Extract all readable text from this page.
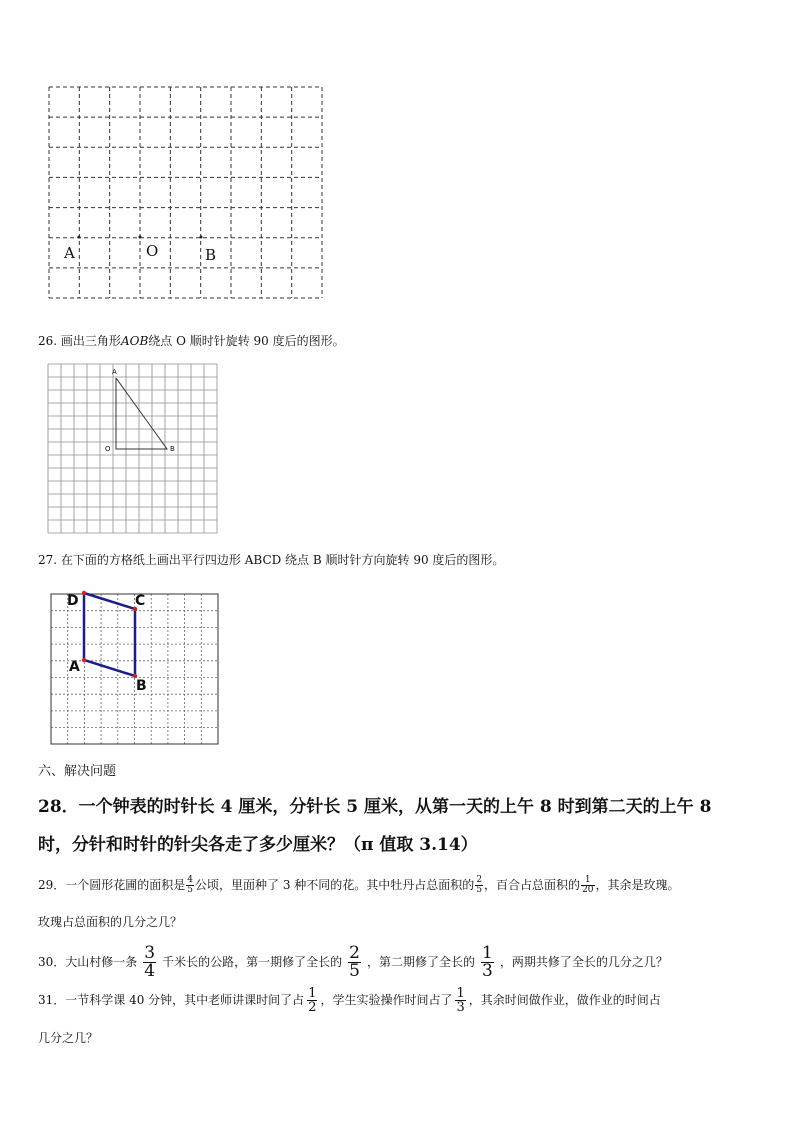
A	O	B
26. 画出三角形AOB绕点 O 顺时针旋转 90 度后的图形。
A
O	B
27. 在下面的方格纸上画出平行四边形 ABCD 绕点 B 顺时针方向旋转 90 度后的图形。
D	C
A
B
六、解决问题
28．一个钟表的时针长 4 厘米，分针长 5 厘米，从第一天的上午 8 时到第二天的上午 8
时，分针和时针的针尖各走了多少厘米？（π 值取 3.14）
29．一个圆形花圃的面积是 $\frac{4}{5}$ 公顷，里面种了 3 种不同的花。其中牡丹占总面积的 $\frac{2}{5}$ ，百合占总面积的 $\frac{1}{20}$ ，其余是玫瑰。
玫瑰占总面积的几分之几？
30．大山村修一条 $\frac{3}{4}$ 千米长的公路，第一期修了全长的 $\frac{2}{5}$ ，第二期修了全长的 $\frac{1}{3}$ ，两期共修了全长的几分之几？
31．一节科学课 40 分钟，其中老师讲课时间了占 $\frac{1}{2}$ ，学生实验操作时间占了 $\frac{1}{3}$ ，其余时间做作业，做作业的时间占
几分之几？
